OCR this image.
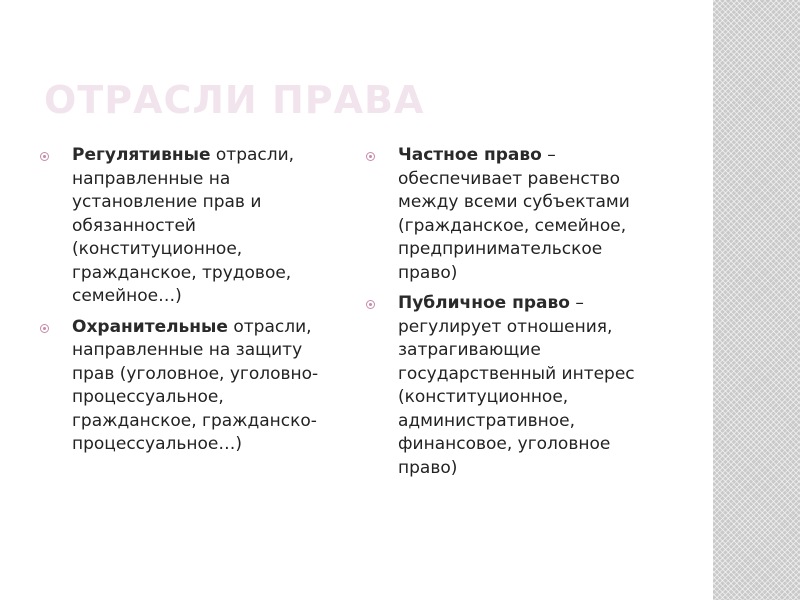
ОТРАСЛИ ПРАВА
Регулятивные отрасли, направленные на установление прав и обязанностей (конституционное, гражданское, трудовое, семейное…)
Охранительные отрасли, направленные на защиту прав (уголовное, уголовно-процессуальное, гражданское, гражданско-процессуальное…)
Частное право – обеспечивает равенство между всеми субъектами (гражданское, семейное, предпринимательское право)
Публичное право – регулирует отношения, затрагивающие государственный интерес (конституционное, административное, финансовое, уголовное право)
